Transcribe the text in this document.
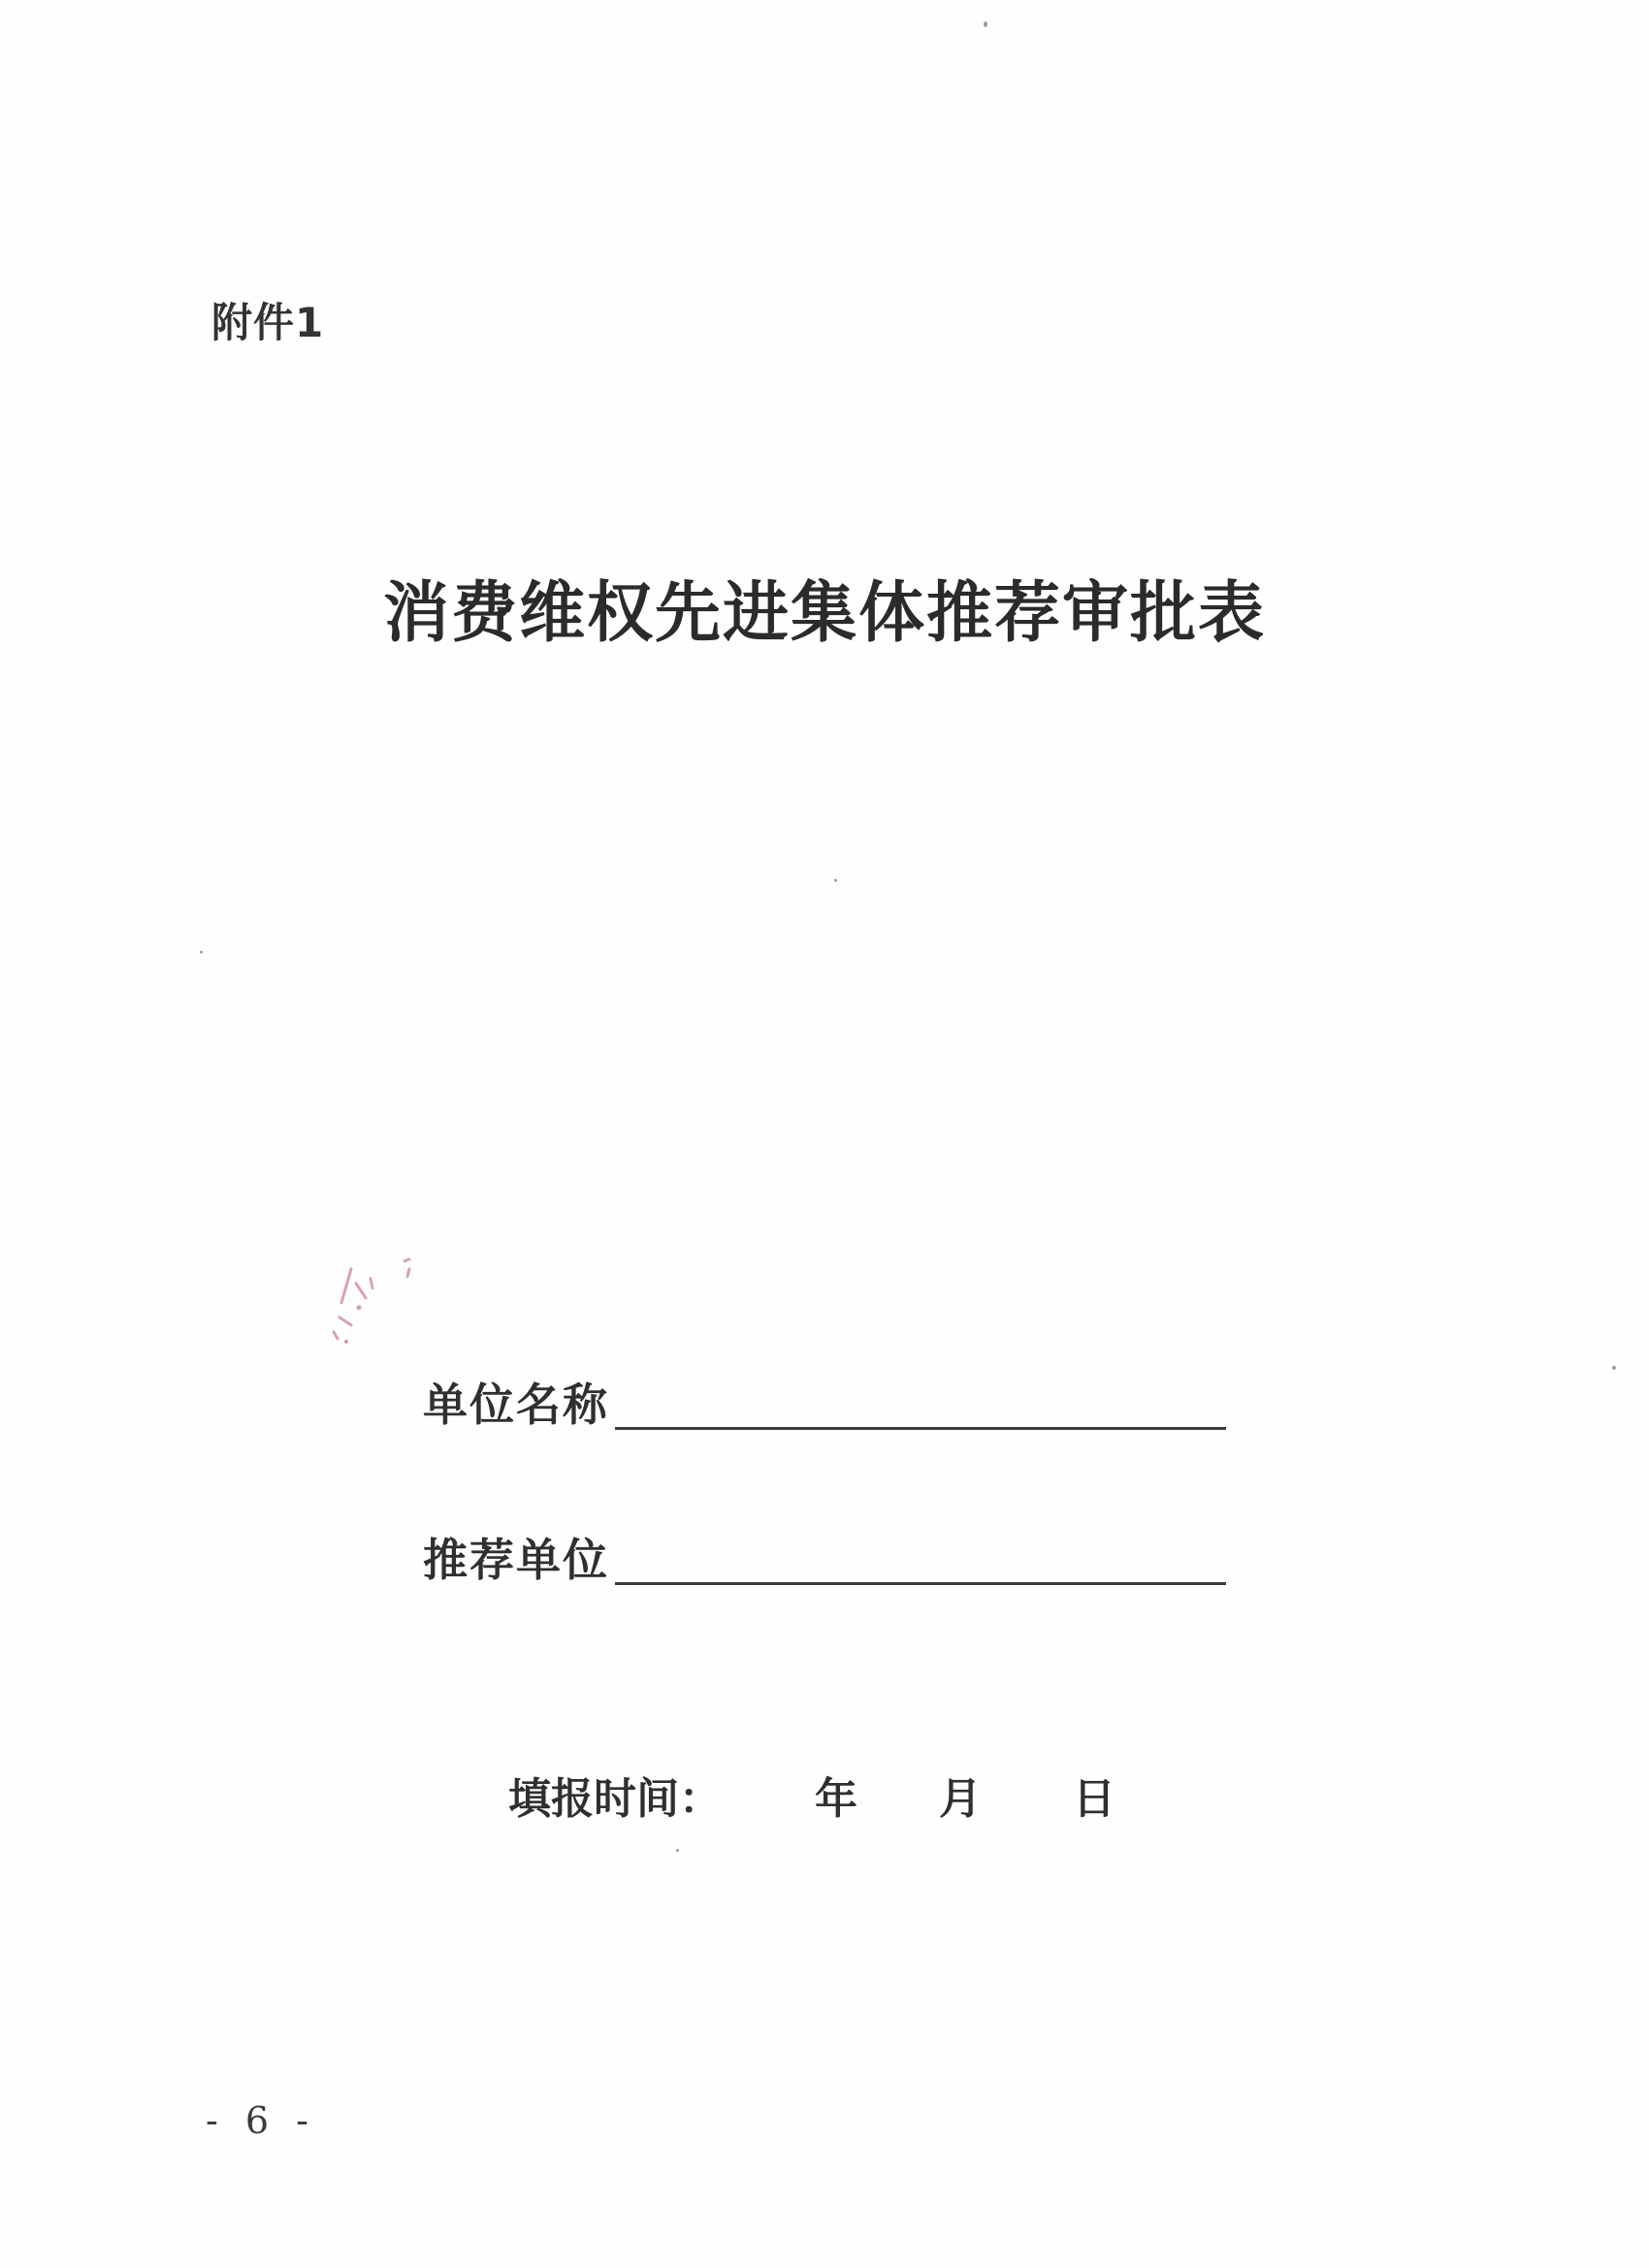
附件1
消费维权先进集体推荐审批表
单位名称
推荐单位
填报时间： 年 月 日
- 6 -
